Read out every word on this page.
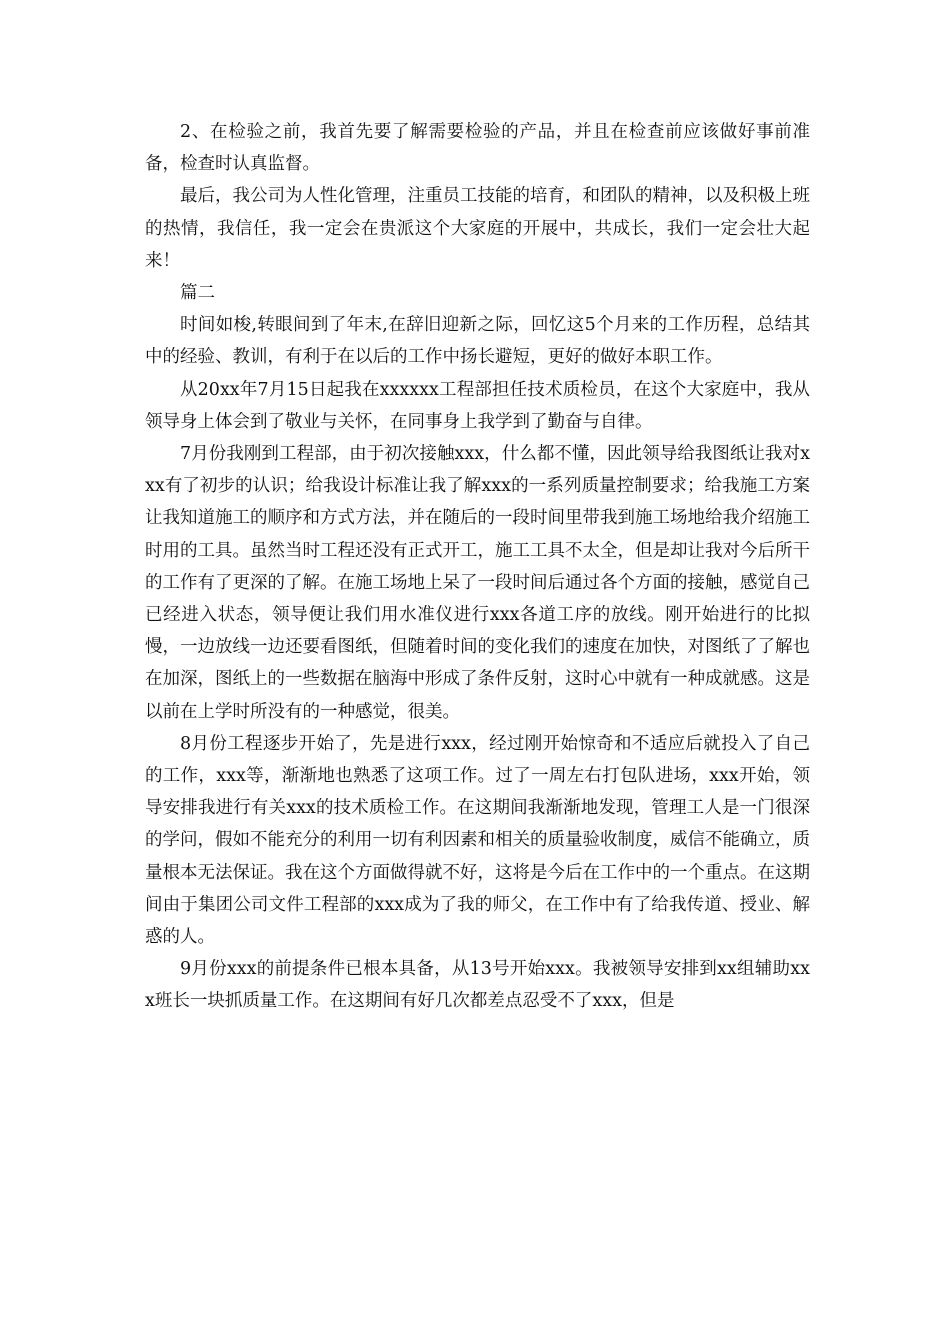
2、在检验之前，我首先要了解需要检验的产品，并且在检查前应该做好事前准备，检查时认真监督。

最后，我公司为人性化管理，注重员工技能的培育，和团队的精神，以及积极上班的热情，我信任，我一定会在贵派这个大家庭的开展中，共成长，我们一定会壮大起来！

篇二

时间如梭,转眼间到了年末,在辞旧迎新之际，回忆这5个月来的工作历程，总结其中的经验、教训，有利于在以后的工作中扬长避短，更好的做好本职工作。

从20xx年7月15日起我在xxxxxx工程部担任技术质检员，在这个大家庭中，我从领导身上体会到了敬业与关怀，在同事身上我学到了勤奋与自律。

7月份我刚到工程部，由于初次接触xxx，什么都不懂，因此领导给我图纸让我对xxx有了初步的认识；给我设计标准让我了解xxx的一系列质量控制要求；给我施工方案让我知道施工的顺序和方式方法，并在随后的一段时间里带我到施工场地给我介绍施工时用的工具。虽然当时工程还没有正式开工，施工工具不太全，但是却让我对今后所干的工作有了更深的了解。在施工场地上呆了一段时间后通过各个方面的接触，感觉自己已经进入状态，领导便让我们用水准仪进行xxx各道工序的放线。刚开始进行的比拟慢，一边放线一边还要看图纸，但随着时间的变化我们的速度在加快，对图纸了了解也在加深，图纸上的一些数据在脑海中形成了条件反射，这时心中就有一种成就感。这是以前在上学时所没有的一种感觉，很美。

8月份工程逐步开始了，先是进行xxx，经过刚开始惊奇和不适应后就投入了自己的工作，xxx等，渐渐地也熟悉了这项工作。过了一周左右打包队进场，xxx开始，领导安排我进行有关xxx的技术质检工作。在这期间我渐渐地发现，管理工人是一门很深的学问，假如不能充分的利用一切有利因素和相关的质量验收制度，威信不能确立，质量根本无法保证。我在这个方面做得就不好，这将是今后在工作中的一个重点。在这期间由于集团公司文件工程部的xxx成为了我的师父，在工作中有了给我传道、授业、解惑的人。

9月份xxx的前提条件已根本具备，从13号开始xxx。我被领导安排到xx组辅助xxx班长一块抓质量工作。在这期间有好几次都差点忍受不了xxx，但是
